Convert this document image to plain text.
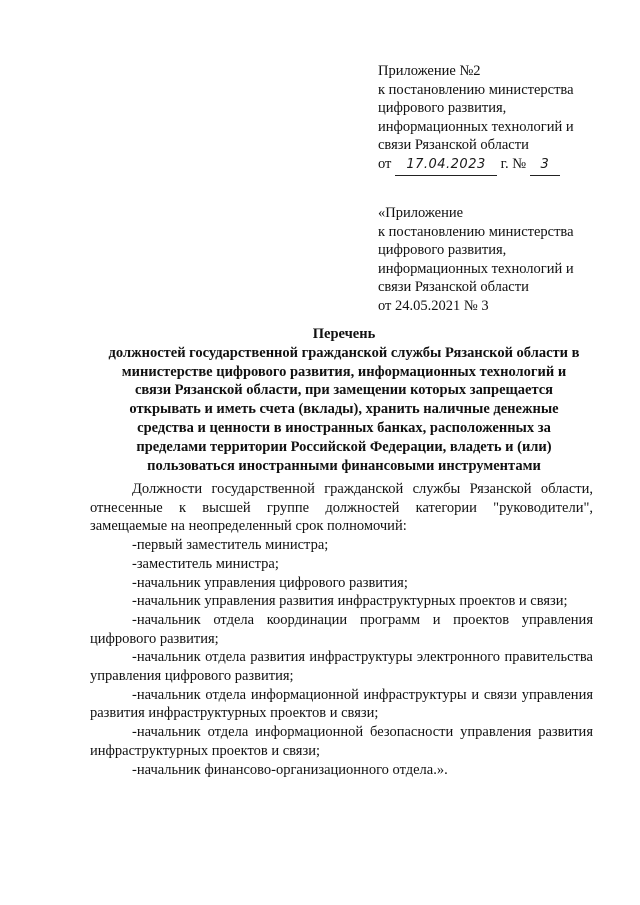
Приложение №2
к постановлению министерства
цифрового развития,
информационных технологий и
связи Рязанской области
от 17.04.2023 г. № 3
«Приложение
к постановлению министерства
цифрового развития,
информационных технологий и
связи Рязанской области
от 24.05.2021 № 3
Перечень
должностей государственной гражданской службы Рязанской области в
министерстве цифрового развития, информационных технологий и
связи Рязанской области, при замещении которых запрещается
открывать и иметь счета (вклады), хранить наличные денежные
средства и ценности в иностранных банках, расположенных за
пределами территории Российской Федерации, владеть и (или)
пользоваться иностранными финансовыми инструментами

Должности государственной гражданской службы Рязанской области, отнесенные к высшей группе должностей категории "руководители", замещаемые на неопределенный срок полномочий:

-первый заместитель министра;

-заместитель министра;

-начальник управления цифрового развития;

-начальник управления развития инфраструктурных проектов и связи;

-начальник отдела координации программ и проектов управления цифрового развития;

-начальник отдела развития инфраструктуры электронного правительства управления цифрового развития;

-начальник отдела информационной инфраструктуры и связи управления развития инфраструктурных проектов и связи;

-начальник отдела информационной безопасности управления развития инфраструктурных проектов и связи;

-начальник финансово-организационного отдела.».
